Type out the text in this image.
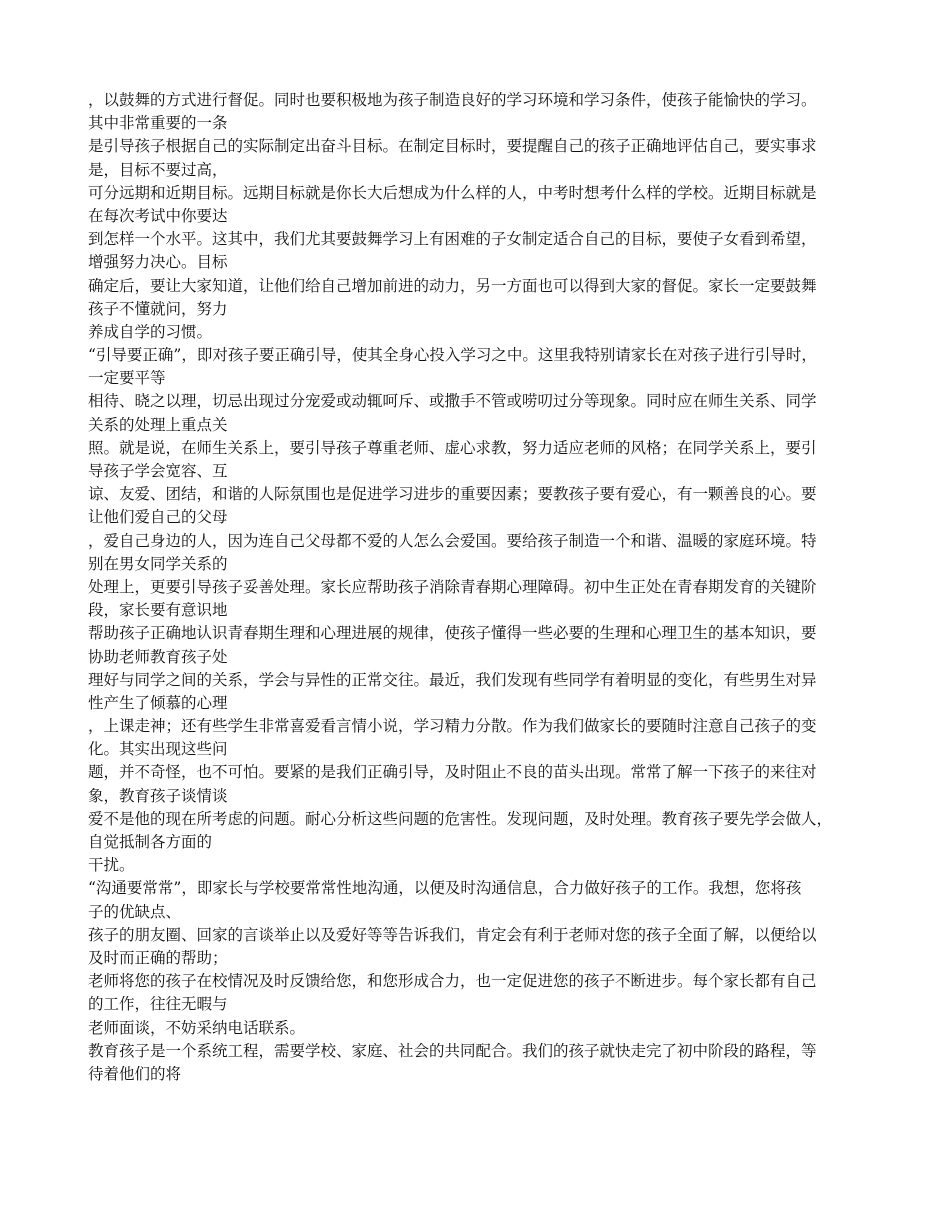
，以鼓舞的方式进行督促。同时也要积极地为孩子制造良好的学习环境和学习条件，使孩子能愉快的学习。
其中非常重要的一条
是引导孩子根据自己的实际制定出奋斗目标。在制定目标时，要提醒自己的孩子正确地评估自己，要实事求
是，目标不要过高，
可分远期和近期目标。远期目标就是你长大后想成为什么样的人，中考时想考什么样的学校。近期目标就是
在每次考试中你要达
到怎样一个水平。这其中，我们尤其要鼓舞学习上有困难的子女制定适合自己的目标，要使子女看到希望，
增强努力决心。目标
确定后，要让大家知道，让他们给自己增加前进的动力，另一方面也可以得到大家的督促。家长一定要鼓舞
孩子不懂就问，努力
养成自学的习惯。
“引导要正确”，即对孩子要正确引导，使其全身心投入学习之中。这里我特别请家长在对孩子进行引导时，
一定要平等
相待、晓之以理，切忌出现过分宠爱或动辄呵斥、或撒手不管或唠叨过分等现象。同时应在师生关系、同学
关系的处理上重点关
照。就是说，在师生关系上，要引导孩子尊重老师、虚心求教，努力适应老师的风格；在同学关系上，要引
导孩子学会宽容、互
谅、友爱、团结，和谐的人际氛围也是促进学习进步的重要因素；要教孩子要有爱心，有一颗善良的心。要
让他们爱自己的父母
，爱自己身边的人，因为连自己父母都不爱的人怎么会爱国。要给孩子制造一个和谐、温暖的家庭环境。特
别在男女同学关系的
处理上，更要引导孩子妥善处理。家长应帮助孩子消除青春期心理障碍。初中生正处在青春期发育的关键阶
段，家长要有意识地
帮助孩子正确地认识青春期生理和心理进展的规律，使孩子懂得一些必要的生理和心理卫生的基本知识，要
协助老师教育孩子处
理好与同学之间的关系，学会与异性的正常交往。最近，我们发现有些同学有着明显的变化，有些男生对异
性产生了倾慕的心理
，上课走神；还有些学生非常喜爱看言情小说，学习精力分散。作为我们做家长的要随时注意自己孩子的变
化。其实出现这些问
题，并不奇怪，也不可怕。要紧的是我们正确引导，及时阻止不良的苗头出现。常常了解一下孩子的来往对
象，教育孩子谈情谈
爱不是他的现在所考虑的问题。耐心分析这些问题的危害性。发现问题，及时处理。教育孩子要先学会做人，
自觉抵制各方面的
干扰。
“沟通要常常”，即家长与学校要常常性地沟通，以便及时沟通信息，合力做好孩子的工作。我想，您将孩
子的优缺点、
孩子的朋友圈、回家的言谈举止以及爱好等等告诉我们，肯定会有利于老师对您的孩子全面了解，以便给以
及时而正确的帮助；
老师将您的孩子在校情况及时反馈给您，和您形成合力，也一定促进您的孩子不断进步。每个家长都有自己
的工作，往往无暇与
老师面谈，不妨采纳电话联系。
教育孩子是一个系统工程，需要学校、家庭、社会的共同配合。我们的孩子就快走完了初中阶段的路程，等
待着他们的将
